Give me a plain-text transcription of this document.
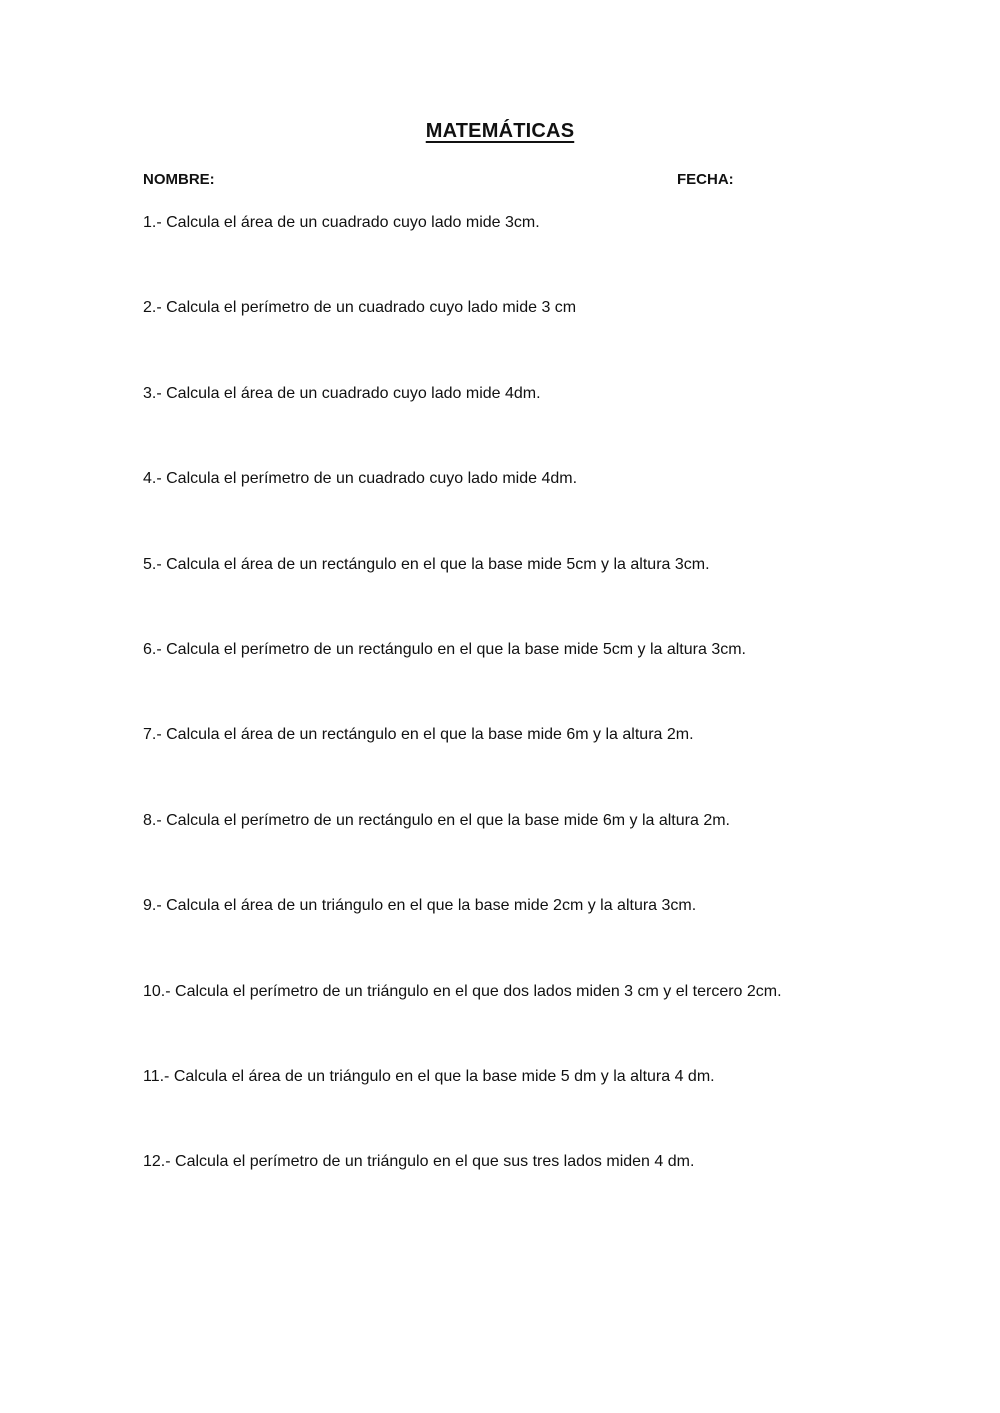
MATEMÁTICAS
NOMBRE:	FECHA:
1.- Calcula el área de un cuadrado cuyo lado mide 3cm.
2.- Calcula el perímetro de un cuadrado cuyo lado mide 3 cm
3.- Calcula el área de un cuadrado cuyo lado mide 4dm.
4.- Calcula el perímetro de un cuadrado cuyo lado mide 4dm.
5.- Calcula el área de un rectángulo en el que la base mide 5cm y la altura 3cm.
6.- Calcula el perímetro de un rectángulo en el que la base mide 5cm y la altura 3cm.
7.- Calcula el área de un rectángulo en el que la base mide 6m y la altura 2m.
8.- Calcula el perímetro de un rectángulo en el que la base mide 6m y la altura 2m.
9.- Calcula el área de un triángulo en el que la base mide 2cm y la altura 3cm.
10.- Calcula el perímetro de un triángulo en el que dos lados miden 3 cm y el tercero 2cm.
11.- Calcula el área de un triángulo en el que la base mide 5 dm y la altura 4 dm.
12.- Calcula el perímetro de un triángulo en el que sus tres lados miden 4 dm.
